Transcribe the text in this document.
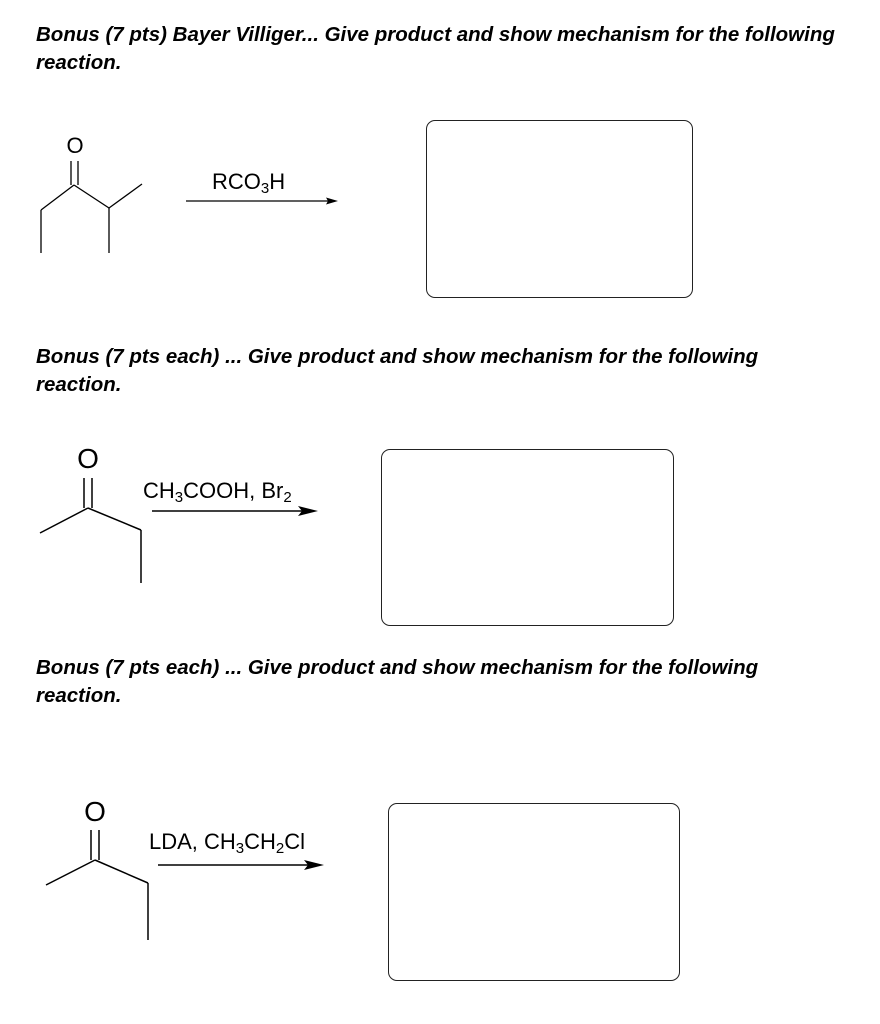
Bonus (7 pts) Bayer Villiger... Give product and show mechanism for the following reaction.

O
$RCO_3H$

Bonus (7 pts each) ... Give product and show mechanism for the following reaction.

O
$CH_3COOH$, $Br_2$

Bonus (7 pts each) ... Give product and show mechanism for the following reaction.

O
LDA, $CH_3CH_2Cl$
